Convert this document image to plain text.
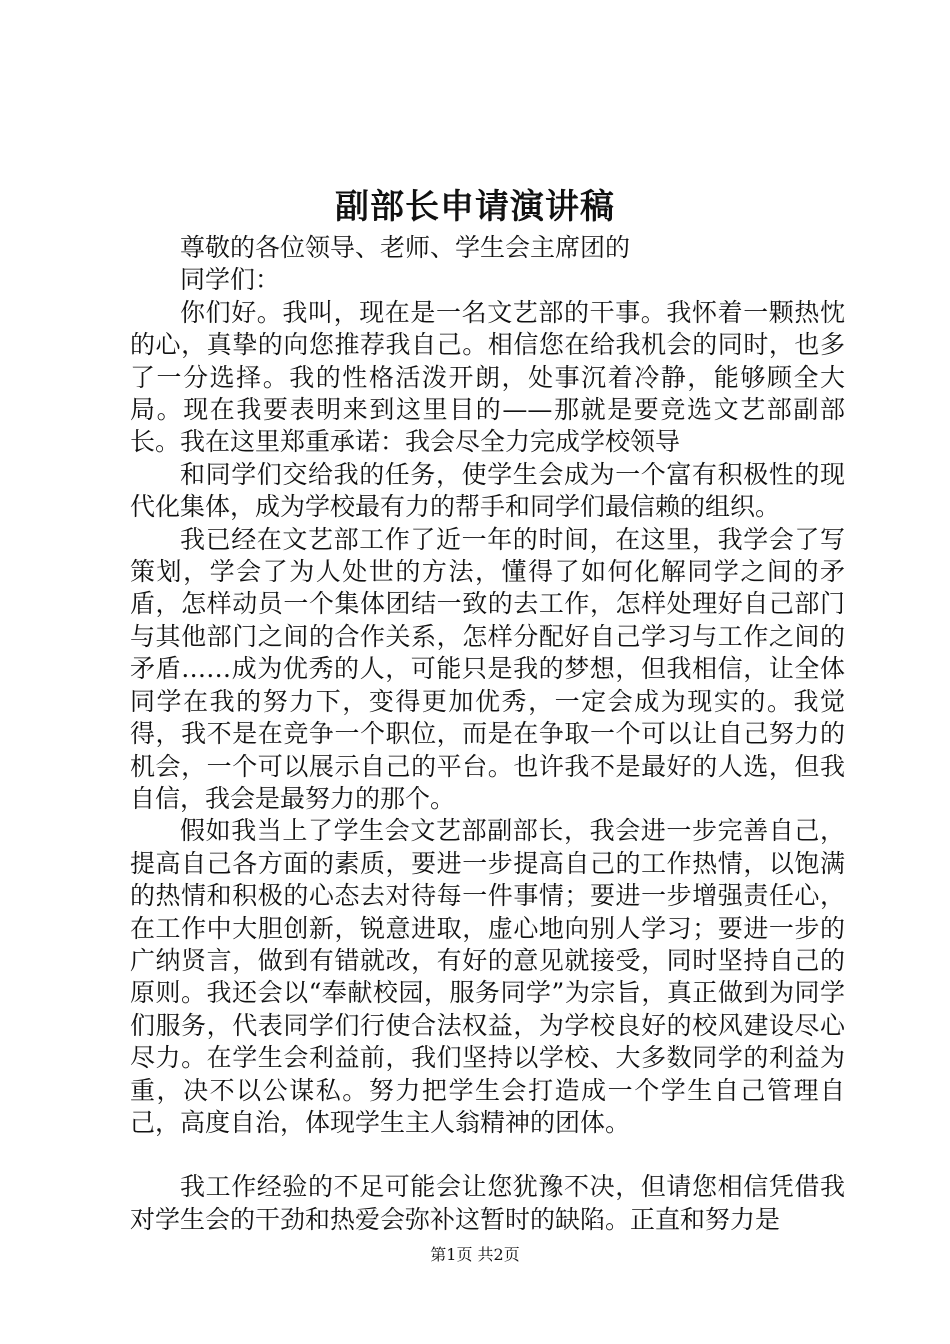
副部长申请演讲稿

尊敬的各位领导、老师、学生会主席团的

同学们：

你们好。我叫，现在是一名文艺部的干事。我怀着一颗热忱的心，真挚的向您推荐我自己。相信您在给我机会的同时，也多了一分选择。我的性格活泼开朗，处事沉着冷静，能够顾全大局。现在我要表明来到这里目的——那就是要竞选文艺部副部长。我在这里郑重承诺：我会尽全力完成学校领导

和同学们交给我的任务，使学生会成为一个富有积极性的现代化集体，成为学校最有力的帮手和同学们最信赖的组织。

我已经在文艺部工作了近一年的时间，在这里，我学会了写策划，学会了为人处世的方法，懂得了如何化解同学之间的矛盾，怎样动员一个集体团结一致的去工作，怎样处理好自己部门与其他部门之间的合作关系，怎样分配好自己学习与工作之间的矛盾……成为优秀的人，可能只是我的梦想，但我相信，让全体同学在我的努力下，变得更加优秀，一定会成为现实的。我觉得，我不是在竞争一个职位，而是在争取一个可以让自己努力的机会，一个可以展示自己的平台。也许我不是最好的人选，但我自信，我会是最努力的那个。

假如我当上了学生会文艺部副部长，我会进一步完善自己，提高自己各方面的素质，要进一步提高自己的工作热情，以饱满的热情和积极的心态去对待每一件事情；要进一步增强责任心，在工作中大胆创新，锐意进取，虚心地向别人学习；要进一步的广纳贤言，做到有错就改，有好的意见就接受，同时坚持自己的原则。我还会以“奉献校园，服务同学”为宗旨，真正做到为同学们服务，代表同学们行使合法权益，为学校良好的校风建设尽心尽力。在学生会利益前，我们坚持以学校、大多数同学的利益为重，决不以公谋私。努力把学生会打造成一个学生自己管理自己，高度自治，体现学生主人翁精神的团体。

我工作经验的不足可能会让您犹豫不决，但请您相信凭借我对学生会的干劲和热爱会弥补这暂时的缺陷。正直和努力是

第1页 共2页
